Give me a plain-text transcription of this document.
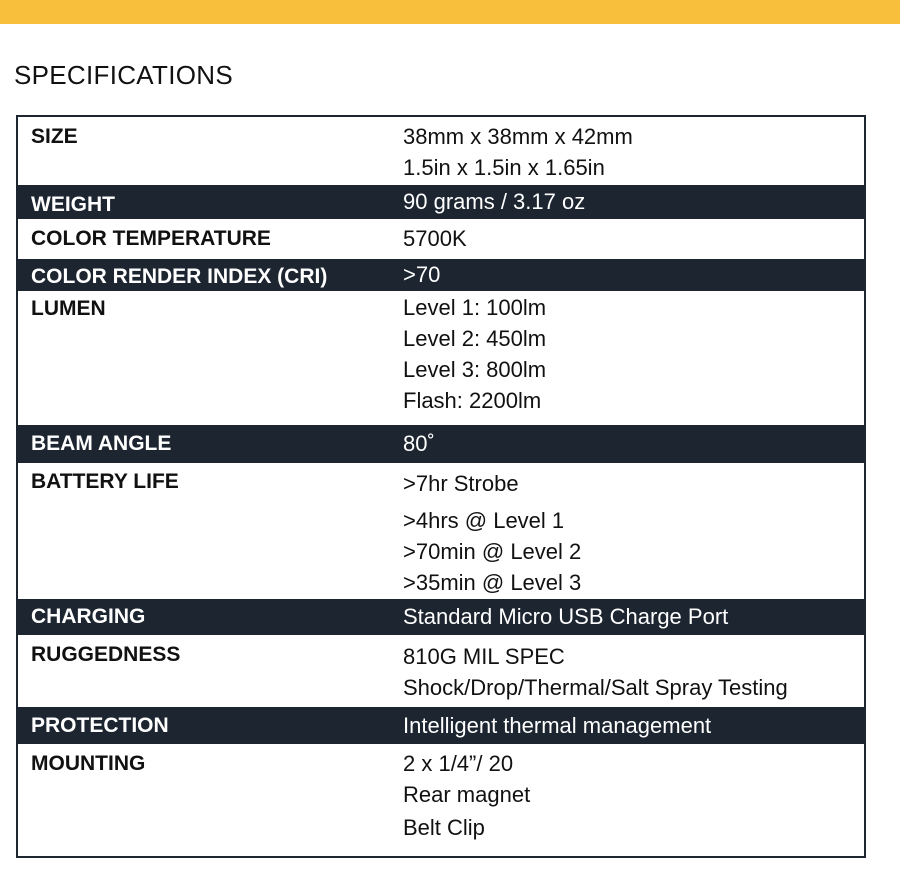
SPECIFICATIONS
SIZE	38mm x 38mm x 42mm
1.5in x 1.5in x 1.65in
WEIGHT	90 grams / 3.17 oz
COLOR TEMPERATURE	5700K
COLOR RENDER INDEX (CRI)	>70
LUMEN	Level 1: 100lm
Level 2: 450lm
Level 3: 800lm
Flash: 2200lm
BEAM ANGLE	80˚
BATTERY LIFE	>7hr Strobe
>4hrs @ Level 1
>70min @ Level 2
>35min @ Level 3
CHARGING	Standard Micro USB Charge Port
RUGGEDNESS	810G MIL SPEC
Shock/Drop/Thermal/Salt Spray Testing
PROTECTION	Intelligent thermal management
MOUNTING	2 x 1/4”/ 20
Rear magnet
Belt Clip
